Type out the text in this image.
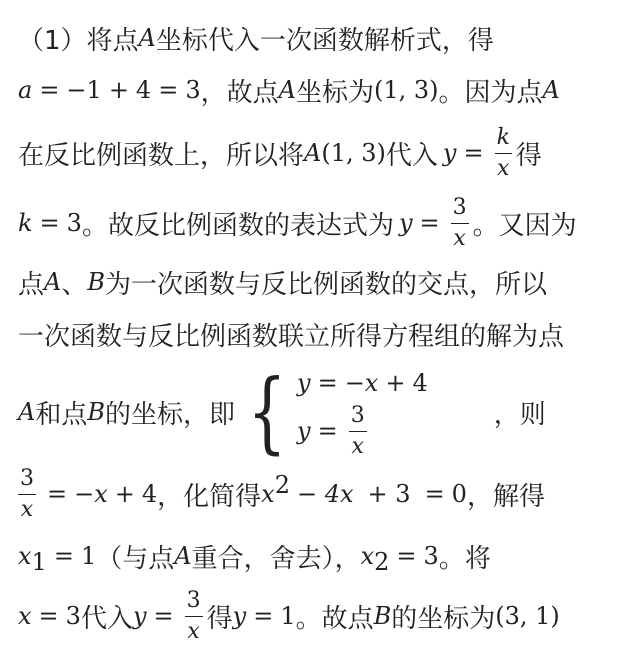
（1）将点 A 坐标代入一次函数解析式，得
a = −1 + 4 = 3 ，故点 A 坐标为 (1, 3) 。因为点 A
在反比例函数上，所以将 A (1, 3) 代入 $y = \frac{k}{x}$ 得
k = 3 。故反比例函数的表达式为 $y = \frac{3}{x}$ 。又因为
点 A 、 B 为一次函数与反比例函数的交点，所以
一次函数与反比例函数联立所得方程组的解为点
A 和点 B 的坐标，即 { y = −x + 4
$y = \frac{3}{x}$	，则
$\frac{3}{x} = -x + 4$ ，化简得 $x^2 - 4x + 3 = 0$ ，解得
$x_1 = 1$ （与点 A 重合，舍去）， $x_2 = 3$ 。将
x = 3 代入 $y = \frac{3}{x}$ 得 y = 1 。故点 B 的坐标为 (3, 1)
